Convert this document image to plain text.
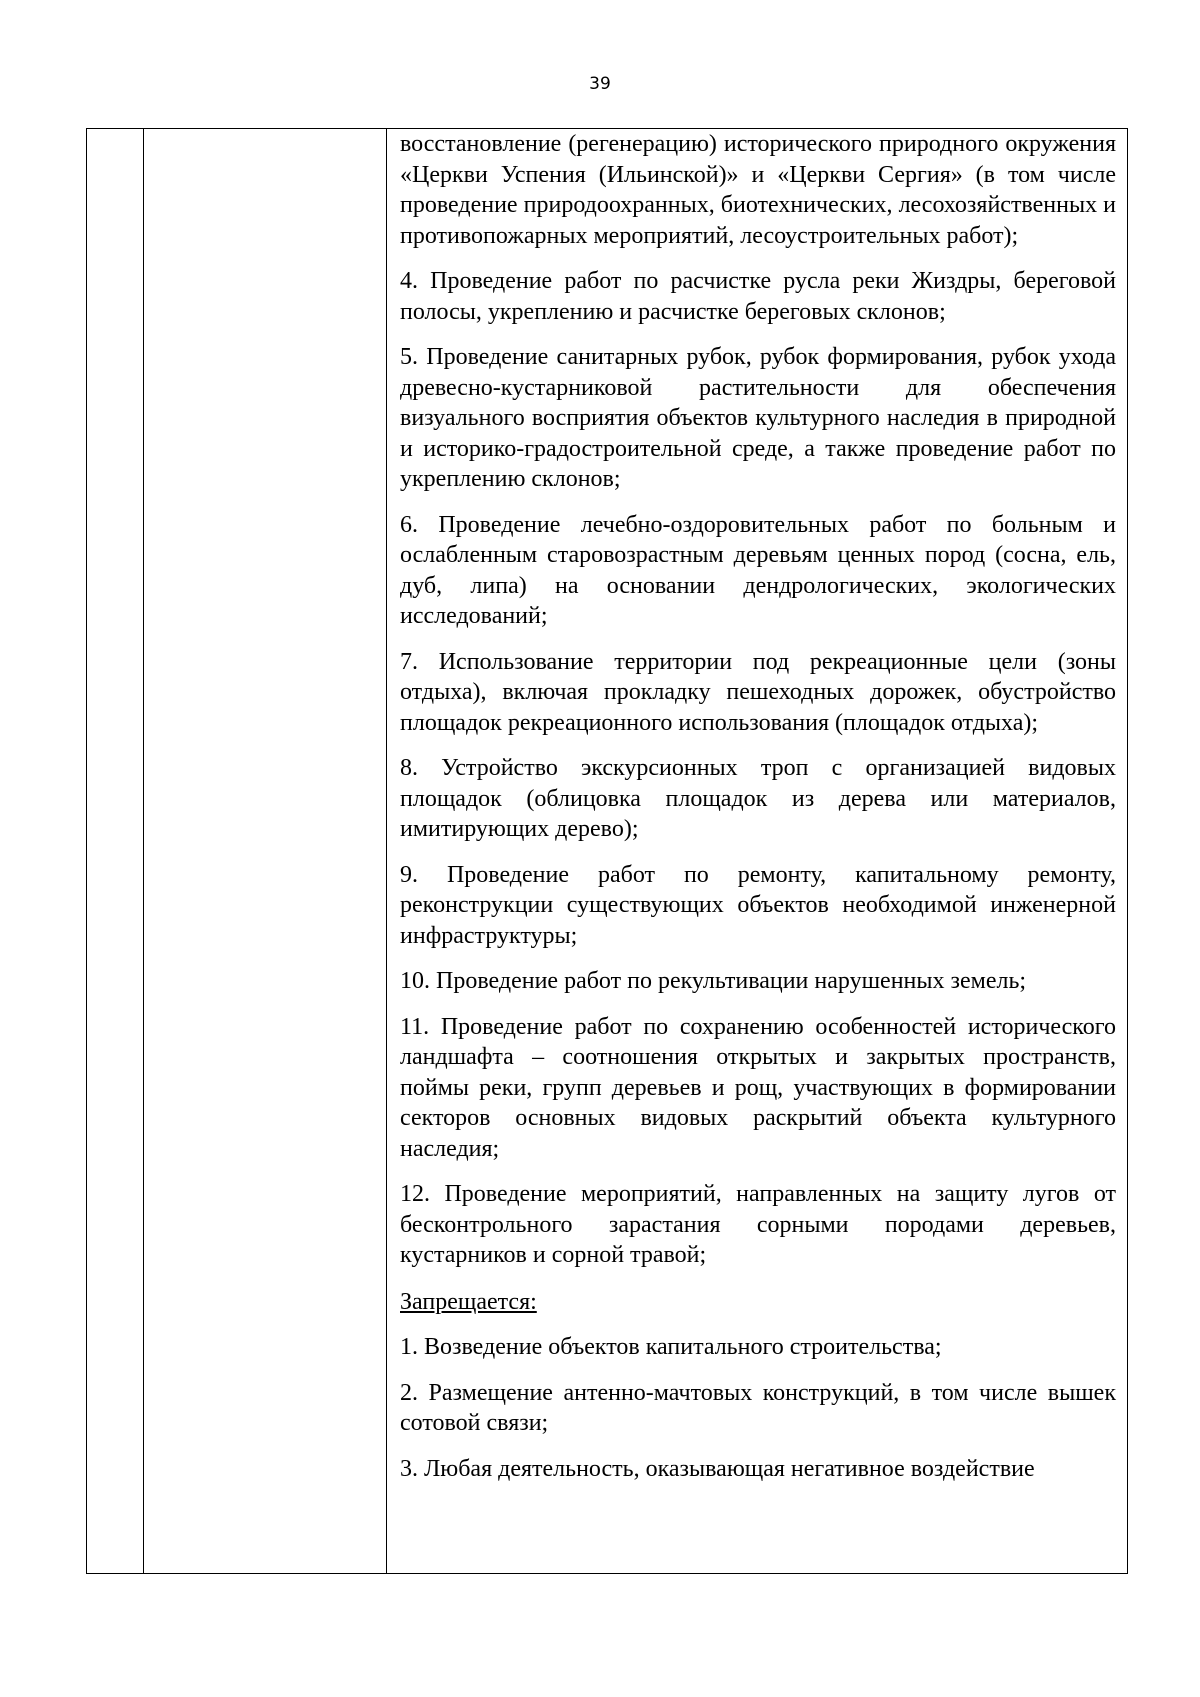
39

восстановление (регенерацию) исторического природного окружения «Церкви Успения (Ильинской)» и «Церкви Сергия» (в том числе проведение природоохранных, биотехнических, лесохозяйственных и противопожарных мероприятий, лесоустроительных работ);

4. Проведение работ по расчистке русла реки Жиздры, береговой полосы, укреплению и расчистке береговых склонов;

5. Проведение санитарных рубок, рубок формирования, рубок ухода древесно-кустарниковой растительности для обеспечения визуального восприятия объектов культурного наследия в природной и историко-градостроительной среде, а также проведение работ по укреплению склонов;

6. Проведение лечебно-оздоровительных работ по больным и ослабленным старовозрастным деревьям ценных пород (сосна, ель, дуб, липа) на основании дендрологических, экологических исследований;

7. Использование территории под рекреационные цели (зоны отдыха), включая прокладку пешеходных дорожек, обустройство площадок рекреационного использования (площадок отдыха);

8. Устройство экскурсионных троп с организацией видовых площадок (облицовка площадок из дерева или материалов, имитирующих дерево);

9. Проведение работ по ремонту, капитальному ремонту, реконструкции существующих объектов необходимой инженерной инфраструктуры;

10. Проведение работ по рекультивации нарушенных земель;

11. Проведение работ по сохранению особенностей исторического ландшафта – соотношения открытых и закрытых пространств, поймы реки, групп деревьев и рощ, участвующих в формировании секторов основных видовых раскрытий объекта культурного наследия;

12. Проведение мероприятий, направленных на защиту лугов от бесконтрольного зарастания сорными породами деревьев, кустарников и сорной травой;

Запрещается:

1. Возведение объектов капитального строительства;

2. Размещение антенно-мачтовых конструкций, в том числе вышек сотовой связи;

3. Любая деятельность, оказывающая негативное воздействие
